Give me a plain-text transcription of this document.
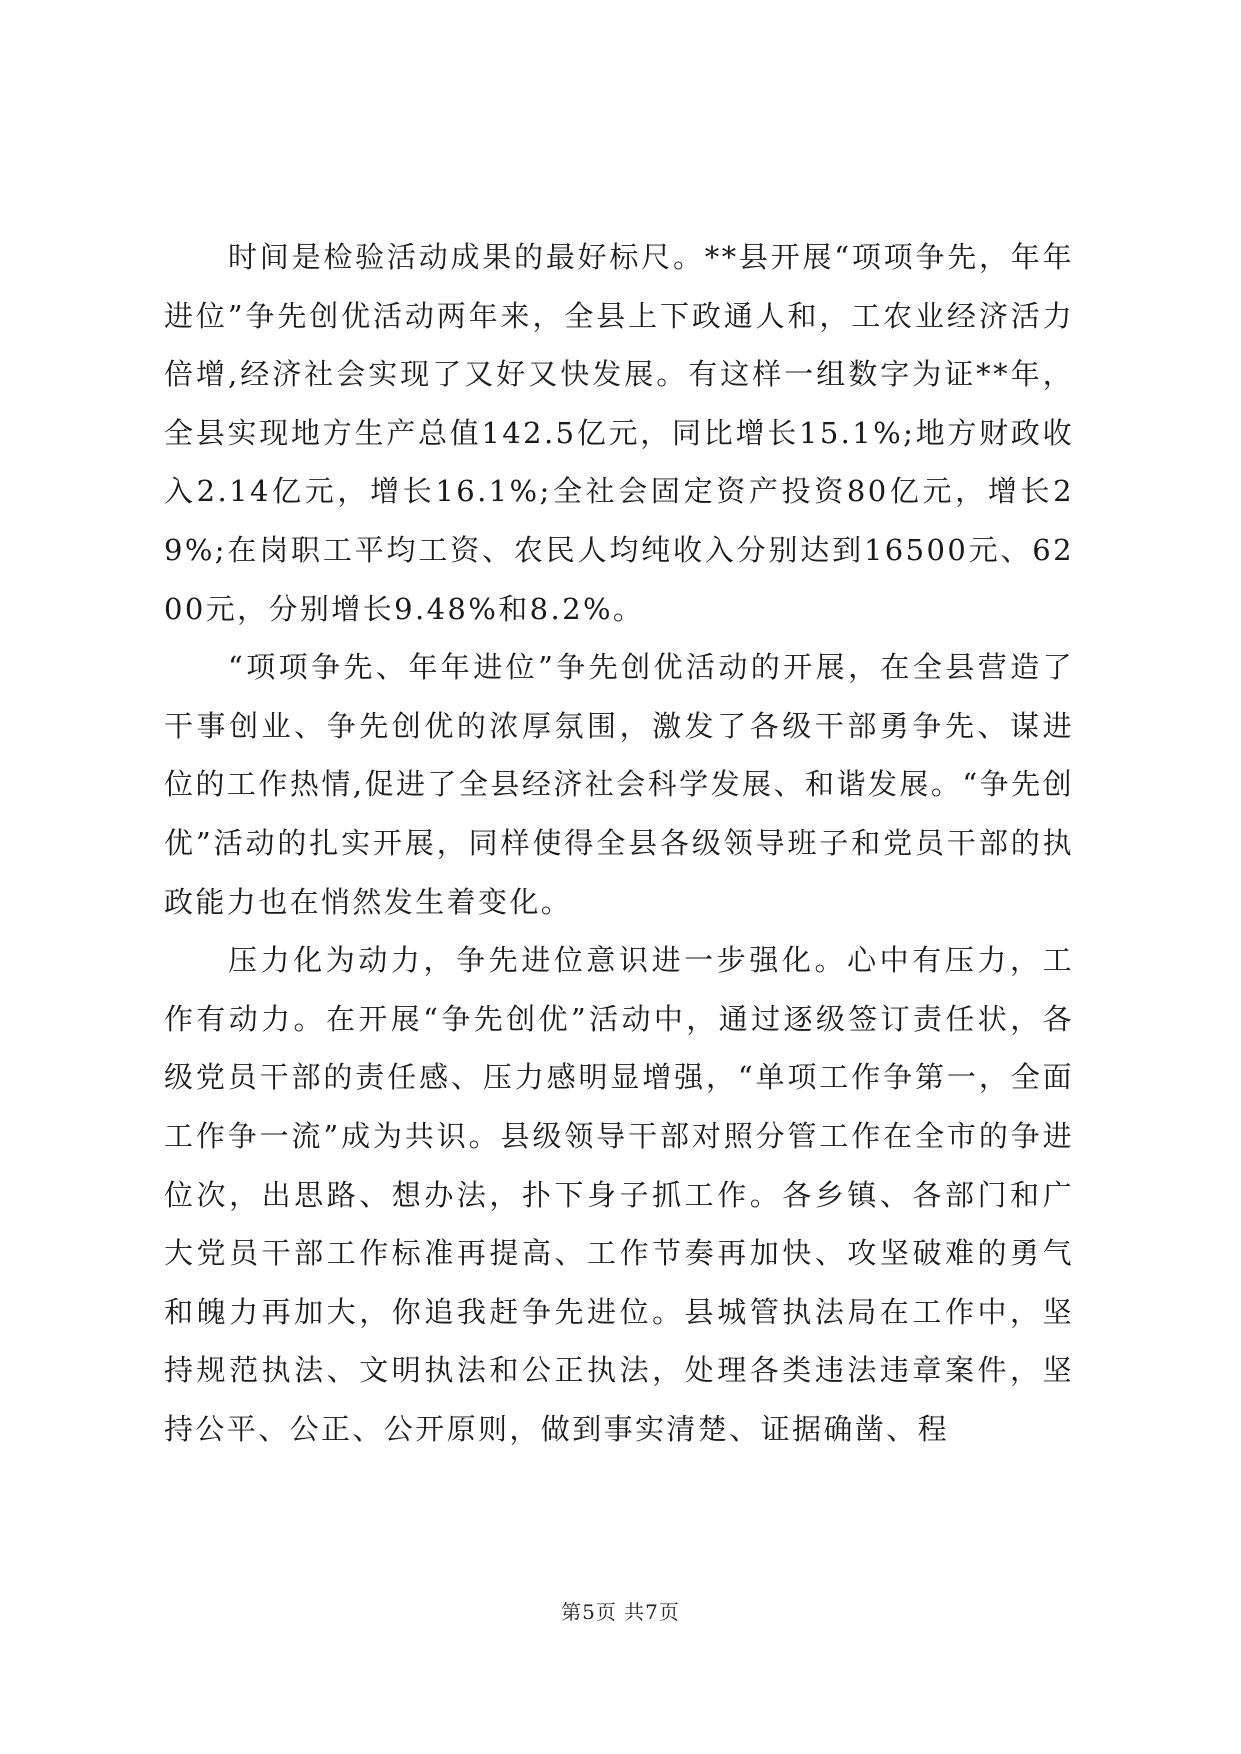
时间是检验活动成果的最好标尺。**县开展“项项争先，年年进位”争先创优活动两年来，全县上下政通人和，工农业经济活力倍增,经济社会实现了又好又快发展。有这样一组数字为证**年，全县实现地方生产总值142.5亿元，同比增长15.1%;地方财政收入2.14亿元，增长16.1%;全社会固定资产投资80亿元，增长29%;在岗职工平均工资、农民人均纯收入分别达到16500元、6200元，分别增长9.48%和8.2%。

“项项争先、年年进位”争先创优活动的开展，在全县营造了干事创业、争先创优的浓厚氛围，激发了各级干部勇争先、谋进位的工作热情,促进了全县经济社会科学发展、和谐发展。“争先创优”活动的扎实开展，同样使得全县各级领导班子和党员干部的执政能力也在悄然发生着变化。

压力化为动力，争先进位意识进一步强化。心中有压力，工作有动力。在开展“争先创优”活动中，通过逐级签订责任状，各级党员干部的责任感、压力感明显增强，“单项工作争第一，全面工作争一流”成为共识。县级领导干部对照分管工作在全市的争进位次，出思路、想办法，扑下身子抓工作。各乡镇、各部门和广大党员干部工作标准再提高、工作节奏再加快、攻坚破难的勇气和魄力再加大，你追我赶争先进位。县城管执法局在工作中，坚持规范执法、文明执法和公正执法，处理各类违法违章案件，坚持公平、公正、公开原则，做到事实清楚、证据确凿、程

第5页 共7页
